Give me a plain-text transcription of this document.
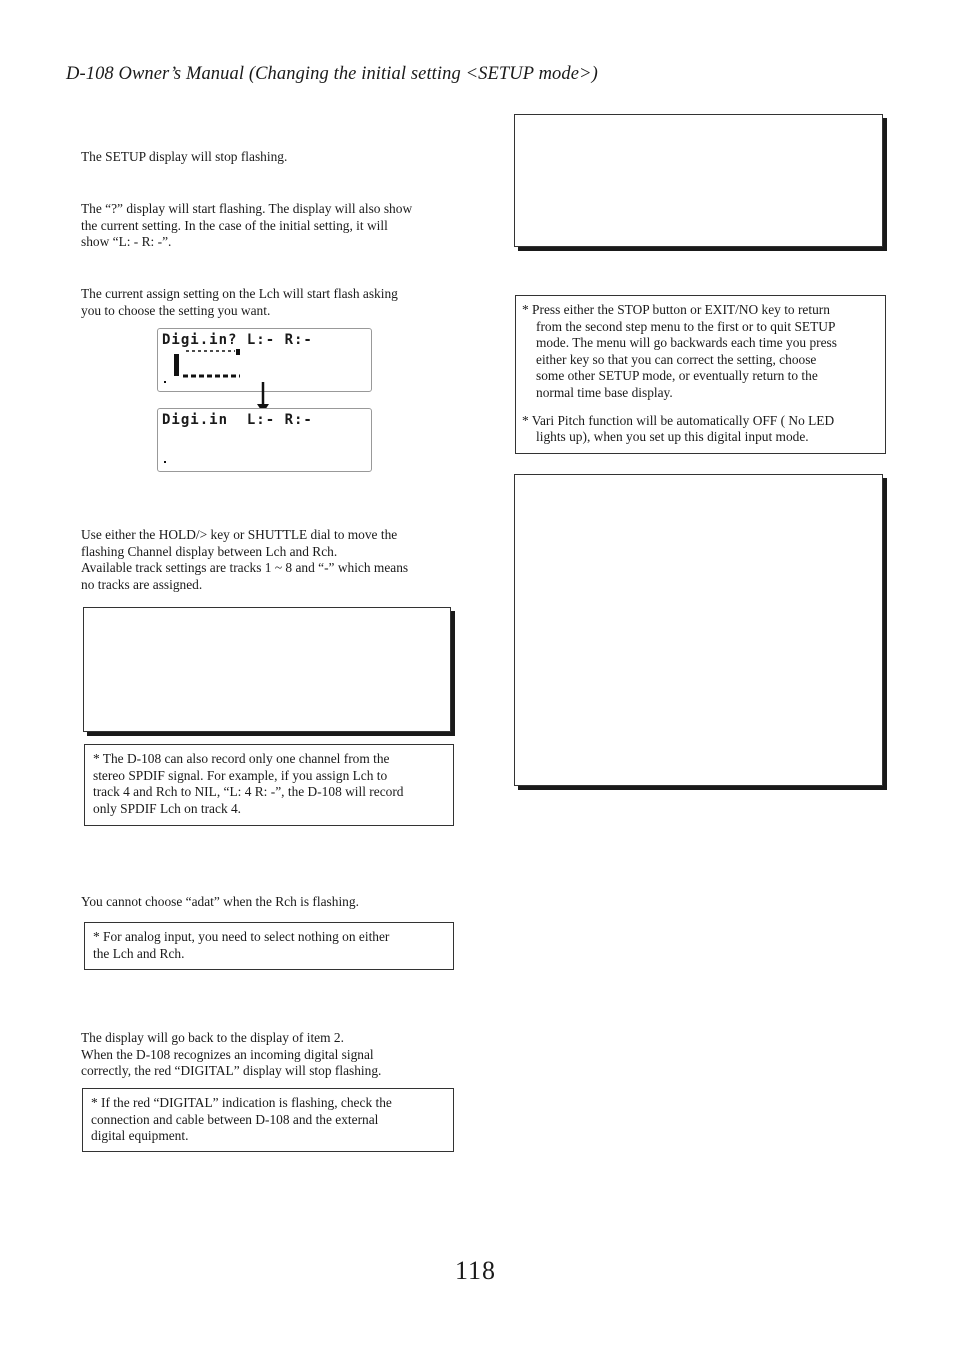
D-108 Owner’s Manual (Changing the initial setting <SETUP mode>)
The SETUP display will stop flashing.
The “?” display will start flashing. The display will also show
the current setting. In the case of the initial setting, it will
show “L: - R: -”.
The current assign setting on the Lch will start flash asking
you to choose the setting you want.
Digi.in? L:- R:-
Digi.in  L:- R:-
Use either the HOLD/> key or SHUTTLE dial to move the
flashing Channel display between Lch and Rch.
Available track settings are tracks 1 ~ 8 and “-” which means
no tracks are assigned.
* The D-108 can also record only one channel from the
stereo SPDIF signal. For example, if you assign Lch to
track 4 and Rch to NIL, “L: 4 R: -”, the D-108 will record
only SPDIF Lch on track 4.
You cannot choose “adat” when the Rch is flashing.
* For analog input, you need to select nothing on either
the Lch and Rch.
The display will go back to the display of item 2.
When the D-108 recognizes an incoming digital signal
correctly, the red “DIGITAL” display will stop flashing.
* If the red “DIGITAL” indication is flashing, check the
connection and cable between D-108 and the external
digital equipment.
* Press either the STOP button or EXIT/NO key to return
from the second step menu to the first or to quit SETUP
mode. The menu will go backwards each time you press
either key so that you can correct the setting, choose
some other SETUP mode, or eventually return to the
normal time base display.
* Vari Pitch function will be automatically OFF ( No LED
lights up), when you set up this digital input mode.
118
